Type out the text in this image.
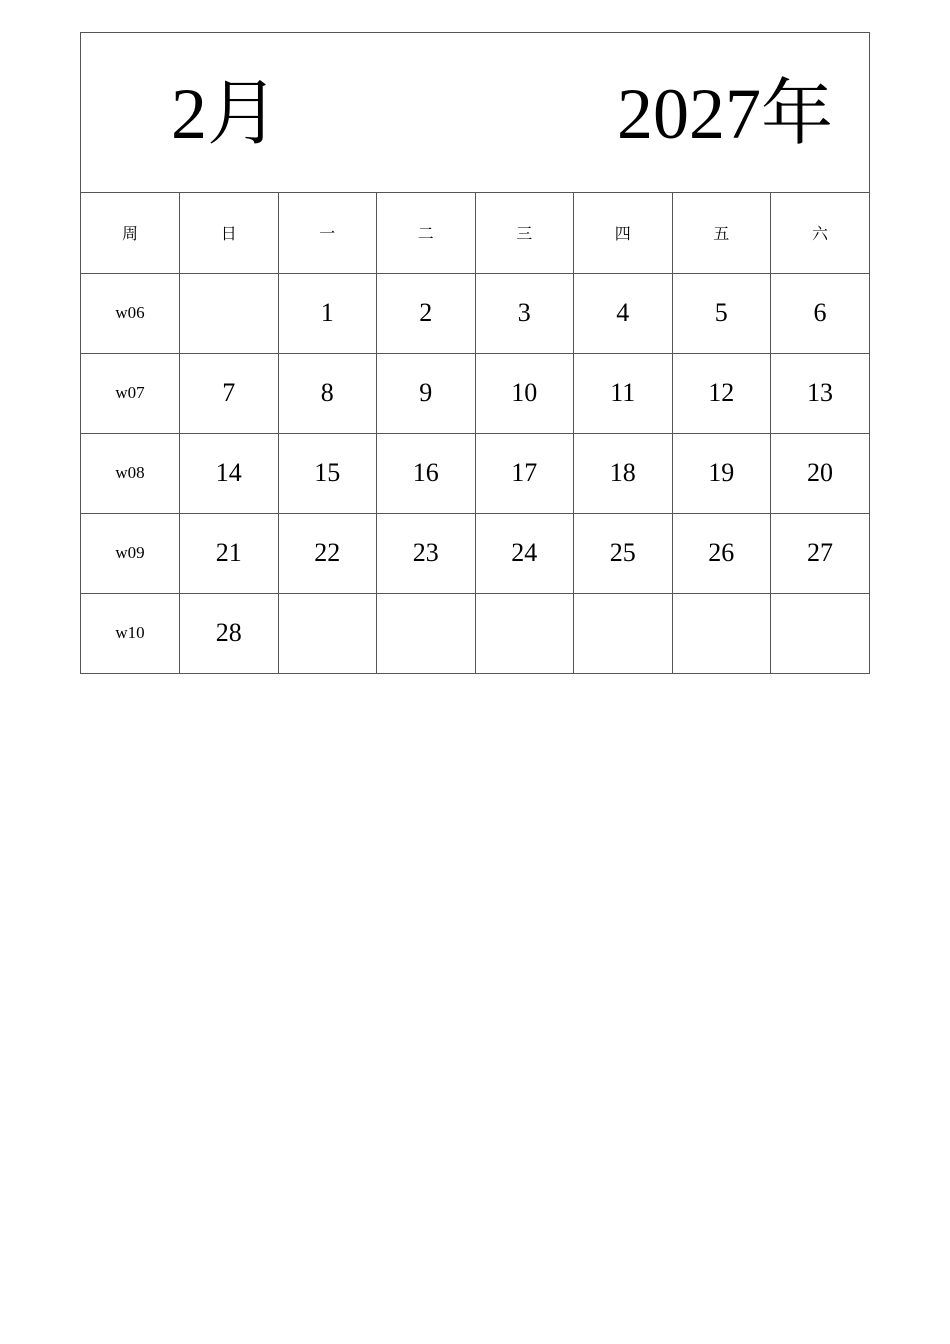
2月	2027年
周	日	一	二	三	四	五	六
w06		1	2	3	4	5	6
w07	7	8	9	10	11	12	13
w08	14	15	16	17	18	19	20
w09	21	22	23	24	25	26	27
w10	28						
